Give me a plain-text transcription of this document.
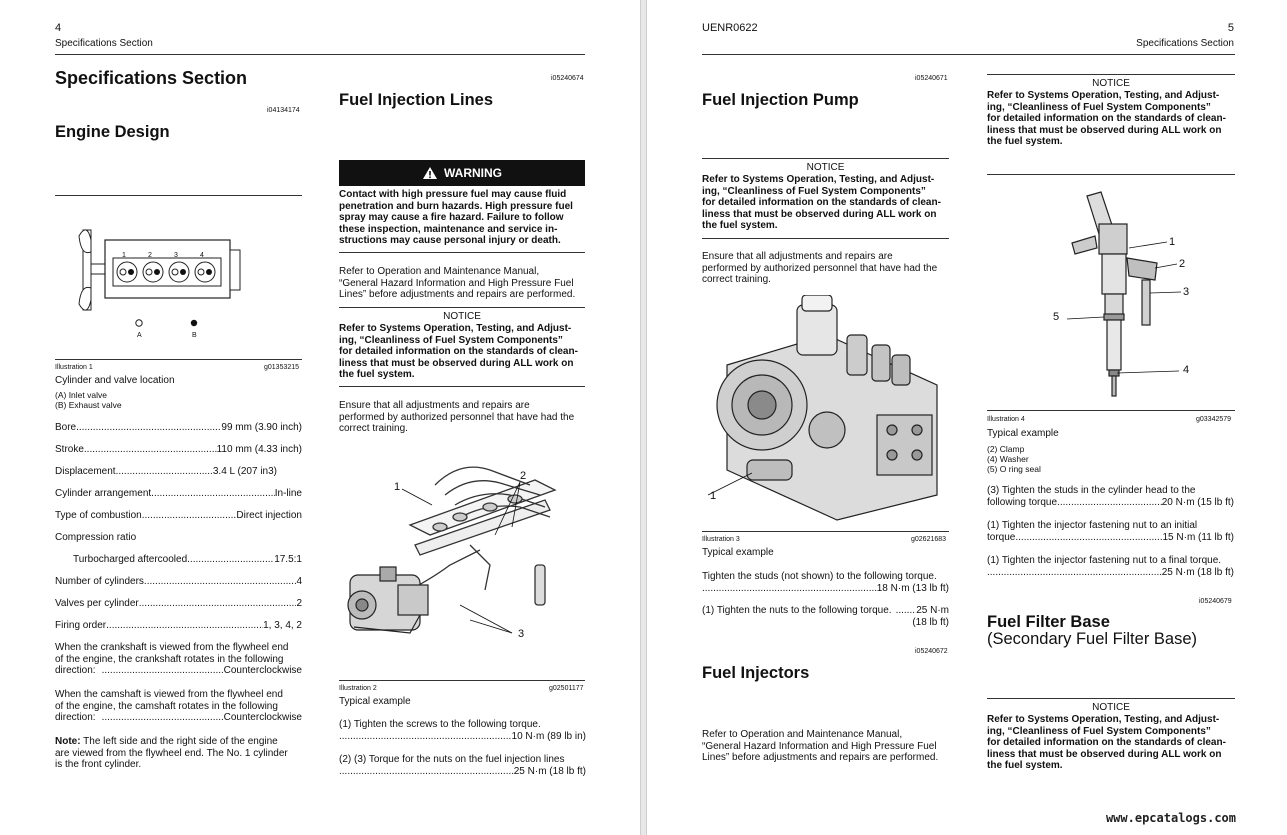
4
Specifications Section
Specifications Section
i04134174
Engine Design
1	2	3	4
A	B
Illustration 1	g01353215
Cylinder and valve location
(A) Inlet valve
(B) Exhaust valve
Bore .....	99 mm (3.90 inch)
Stroke .....	110 mm (4.33 inch)
Displacement .....	3.4 L (207 in3)
Cylinder arrangement .....	In-line
Type of combustion .....	Direct injection
Compression ratio
Turbocharged aftercooled .....	17.5:1
Number of cylinders .....	4
Valves per cylinder .....	2
Firing order .....	1, 3, 4, 2
When the crankshaft is viewed from the flywheel end
of the engine, the crankshaft rotates in the following
direction: .....	Counterclockwise
When the camshaft is viewed from the flywheel end
of the engine, the camshaft rotates in the following
direction: .....	Counterclockwise
Note: The left side and the right side of the engine
are viewed from the flywheel end. The No. 1 cylinder
is the front cylinder.
i05240674
Fuel Injection Lines
WARNING
Contact with high pressure fuel may cause fluid
penetration and burn hazards. High pressure fuel
spray may cause a fire hazard. Failure to follow
these inspection, maintenance and service in-
structions may cause personal injury or death.
Refer to Operation and Maintenance Manual,
“General Hazard Information and High Pressure Fuel
Lines” before adjustments and repairs are performed.
NOTICE
Refer to Systems Operation, Testing, and Adjust-
ing, “Cleanliness of Fuel System Components”
for detailed information on the standards of clean-
liness that must be observed during ALL work on
the fuel system.
Ensure that all adjustments and repairs are
performed by authorized personnel that have had the
correct training.
1
2
3
Illustration 2	g02501177
Typical example
(1) Tighten the screws to the following torque.
.....
10 N·m (89 lb in)
(2) (3) Torque for the nuts on the fuel injection lines
.....
25 N·m (18 lb ft)
UENR0622	5
Specifications Section
i05240671
Fuel Injection Pump
NOTICE
Refer to Systems Operation, Testing, and Adjust-
ing, “Cleanliness of Fuel System Components”
for detailed information on the standards of clean-
liness that must be observed during ALL work on
the fuel system.
Ensure that all adjustments and repairs are
performed by authorized personnel that have had the
correct training.
1
Illustration 3	g02621683
Typical example
Tighten the studs (not shown) to the following torque.
.....
18 N·m (13 lb ft)
(1) Tighten the nuts to the following torque. ..... 25 N·m
(18 lb ft)
i05240672
Fuel Injectors
Refer to Operation and Maintenance Manual,
“General Hazard Information and High Pressure Fuel
Lines” before adjustments and repairs are performed.
NOTICE
Refer to Systems Operation, Testing, and Adjust-
ing, “Cleanliness of Fuel System Components”
for detailed information on the standards of clean-
liness that must be observed during ALL work on
the fuel system.
1
2
3
4
5
Illustration 4	g03342579
Typical example
(2) Clamp
(4) Washer
(5) O ring seal
(3) Tighten the studs in the cylinder head to the
following torque .....	20 N·m (15 lb ft)
(1) Tighten the injector fastening nut to an initial
torque .....	15 N·m (11 lb ft)
(1) Tighten the injector fastening nut to a final torque.
.....
25 N·m (18 lb ft)
i05240679
Fuel Filter Base
(Secondary Fuel Filter Base)
NOTICE
Refer to Systems Operation, Testing, and Adjust-
ing, “Cleanliness of Fuel System Components”
for detailed information on the standards of clean-
liness that must be observed during ALL work on
the fuel system.
www.epcatalogs.com
